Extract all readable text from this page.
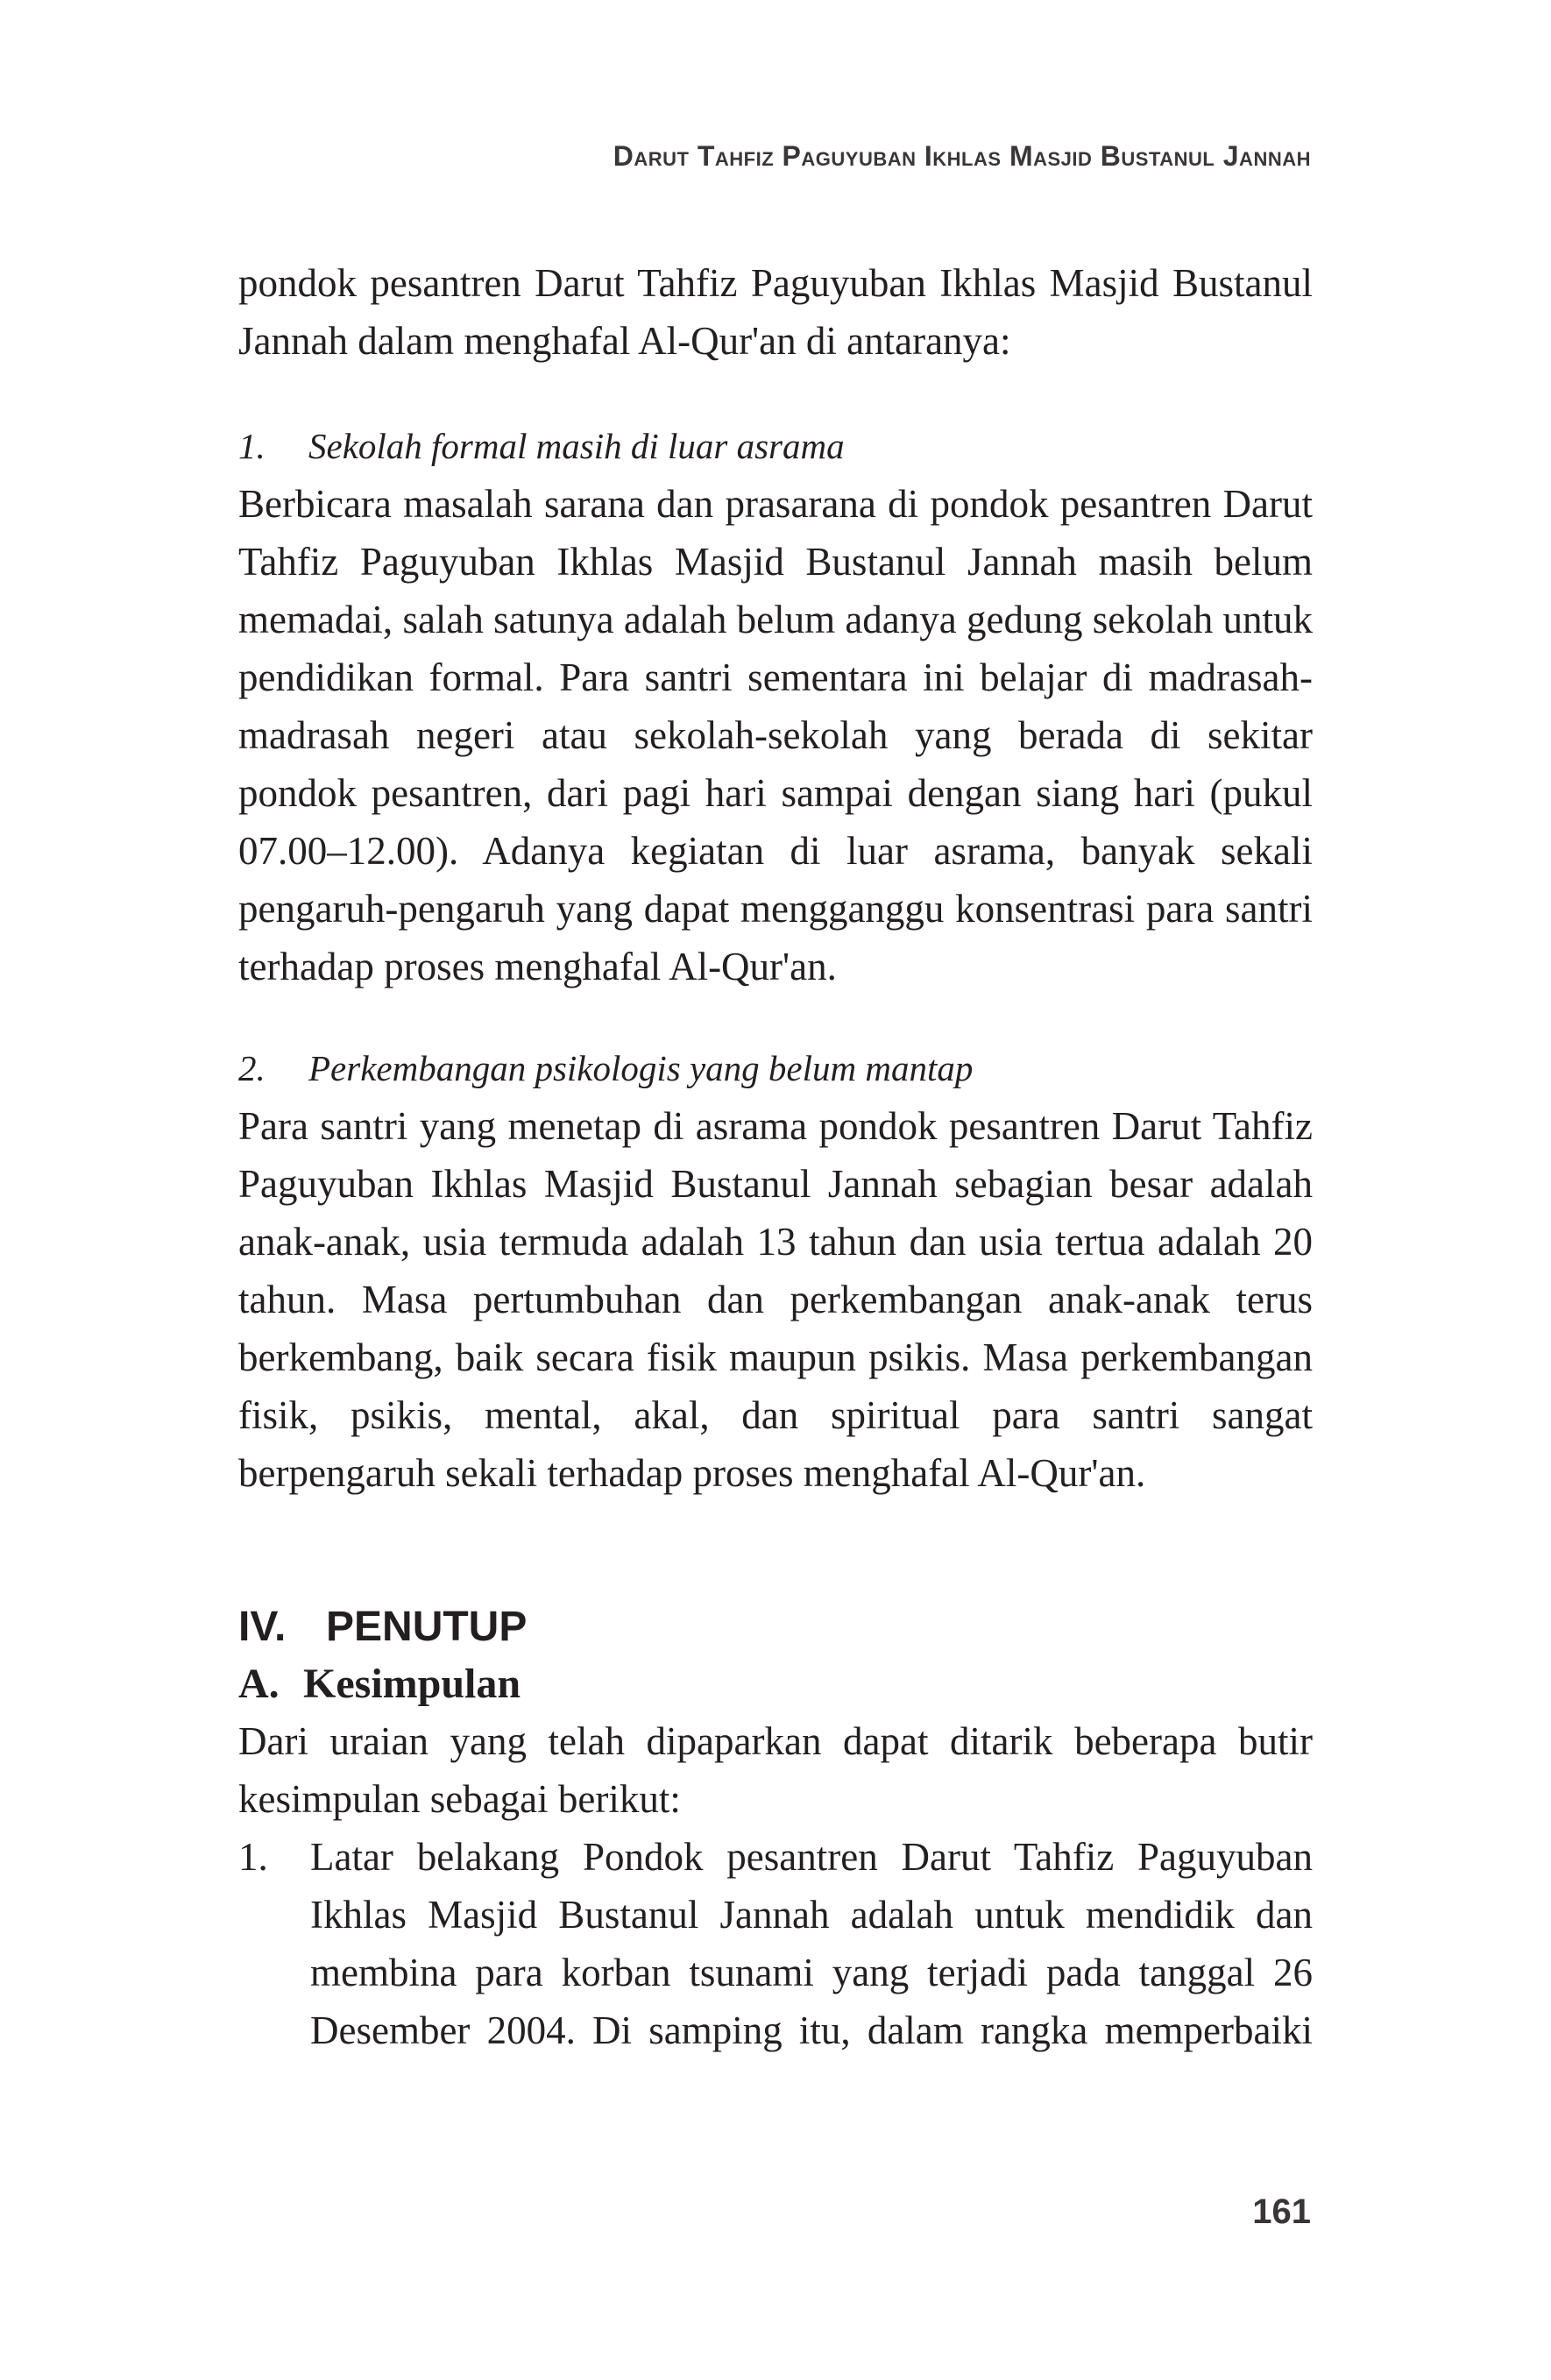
Darut Tahfiz Paguyuban Ikhlas Masjid Bustanul Jannah

pondok pesantren Darut Tahfiz Paguyuban Ikhlas Masjid Bustanul Jannah dalam menghafal Al-Qur'an di antaranya:

1.	Sekolah formal masih di luar asrama

Berbicara masalah sarana dan prasarana di pondok pesantren Darut Tahfiz Paguyuban Ikhlas Masjid Bustanul Jannah masih belum memadai, salah satunya adalah belum adanya gedung sekolah untuk pendidikan formal. Para santri sementara ini belajar di madrasah-madrasah negeri atau sekolah-sekolah yang berada di sekitar pondok pesantren, dari pagi hari sampai dengan siang hari (pukul 07.00–12.00). Adanya kegiatan di luar asrama, banyak sekali pengaruh-pengaruh yang dapat mengganggu konsentrasi para santri terhadap proses menghafal Al-Qur'an.

2.	Perkembangan psikologis yang belum mantap

Para santri yang menetap di asrama pondok pesantren Darut Tahfiz Paguyuban Ikhlas Masjid Bustanul Jannah sebagian besar adalah anak-anak, usia termuda adalah 13 tahun dan usia tertua adalah 20 tahun. Masa pertumbuhan dan perkembangan anak-anak terus berkembang, baik secara fisik maupun psikis. Masa perkembangan fisik, psikis, mental, akal, dan spiritual para santri sangat berpengaruh sekali terhadap proses menghafal Al-Qur'an.

IV. PENUTUP
A. Kesimpulan

Dari uraian yang telah dipaparkan dapat ditarik beberapa butir kesimpulan sebagai berikut:

1.	Latar belakang Pondok pesantren Darut Tahfiz Paguyuban Ikhlas Masjid Bustanul Jannah adalah untuk mendidik dan membina para korban tsunami yang terjadi pada tanggal 26 Desember 2004. Di samping itu, dalam rangka memperbaiki
161
